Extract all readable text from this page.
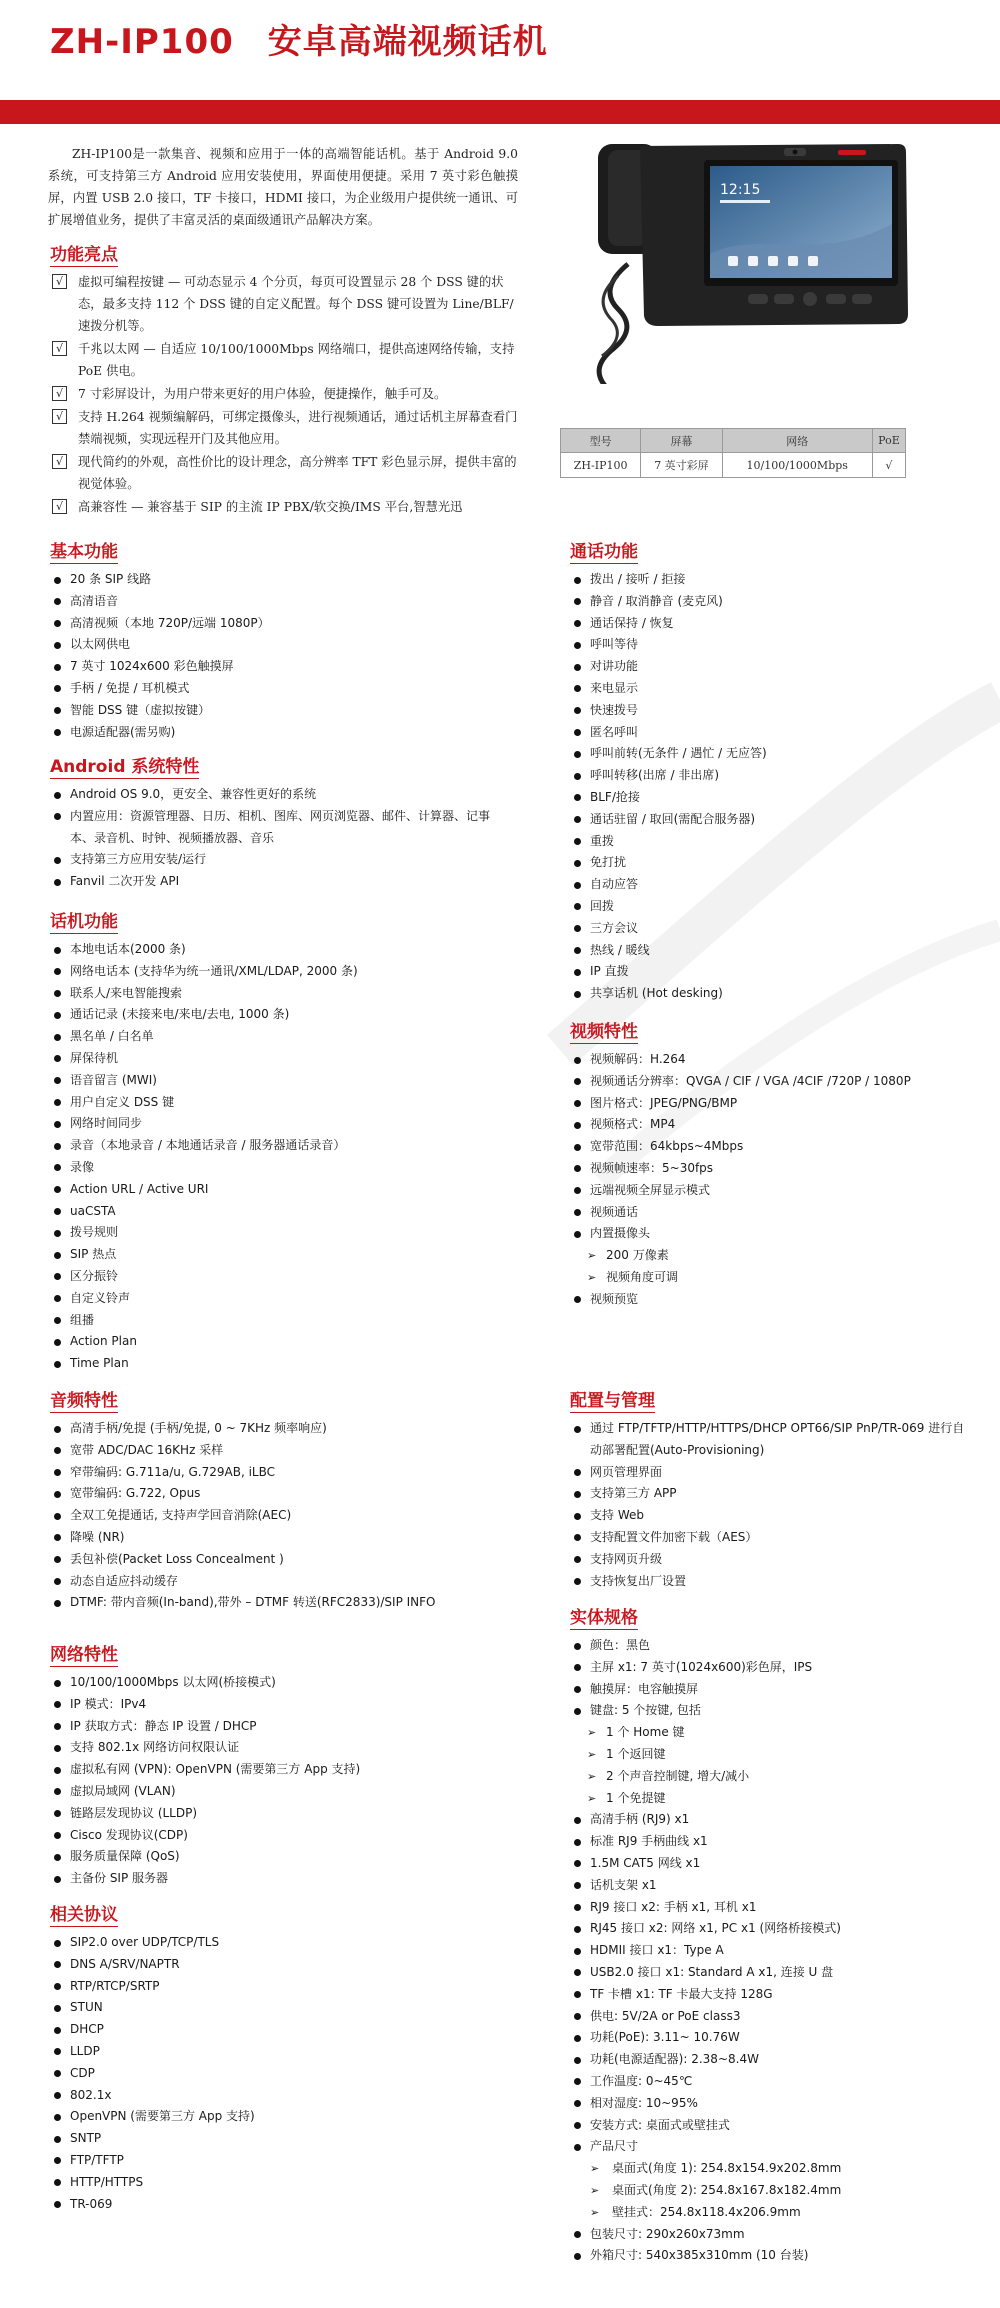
ZH-IP100 安卓高端视频话机

ZH-IP100是一款集音、视频和应用于一体的高端智能话机。基于 Android 9.0 系统，可支持第三方 Android 应用安装使用，界面使用便捷。采用 7 英寸彩色触摸屏，内置 USB 2.0 接口，TF 卡接口，HDMI 接口，为企业级用户提供统一通讯、可扩展增值业务，提供了丰富灵活的桌面级通讯产品解决方案。

功能亮点
√	虚拟可编程按键 — 可动态显示 4 个分页，每页可设置显示 28 个 DSS 键的状态，最多支持 112 个 DSS 键的自定义配置。每个 DSS 键可设置为 Line/BLF/速拨分机等。
√	千兆以太网 — 自适应 10/100/1000Mbps 网络端口，提供高速网络传输，支持 PoE 供电。
√	7 寸彩屏设计，为用户带来更好的用户体验，便捷操作，触手可及。
√	支持 H.264 视频编解码，可绑定摄像头，进行视频通话，通过话机主屏幕查看门禁端视频，实现远程开门及其他应用。
√	现代简约的外观，高性价比的设计理念，高分辨率 TFT 彩色显示屏，提供丰富的视觉体验。
√	高兼容性 — 兼容基于 SIP 的主流 IP PBX/软交换/IMS 平台,智慧光迅
12:15
型号	屏幕	网络	PoE
ZH-IP100	7 英寸彩屏	10/100/1000Mbps	√
基本功能
20 条 SIP 线路
高清语音
高清视频（本地 720P/远端 1080P）
以太网供电
7 英寸 1024x600 彩色触摸屏
手柄 / 免提 / 耳机模式
智能 DSS 键（虚拟按键）
电源适配器(需另购)
Android 系统特性
Android OS 9.0，更安全、兼容性更好的系统
内置应用：资源管理器、日历、相机、图库、网页浏览器、邮件、计算器、记事本、录音机、时钟、视频播放器、音乐
支持第三方应用安装/运行
Fanvil 二次开发 API
话机功能
本地电话本(2000 条)
网络电话本 (支持华为统一通讯/XML/LDAP, 2000 条)
联系人/来电智能搜索
通话记录 (未接来电/来电/去电, 1000 条)
黑名单 / 白名单
屏保待机
语音留言 (MWI)
用户自定义 DSS 键
网络时间同步
录音（本地录音 / 本地通话录音 / 服务器通话录音）
录像
Action URL / Active URI
uaCSTA
拨号规则
SIP 热点
区分振铃
自定义铃声
组播
Action Plan
Time Plan
音频特性
高清手柄/免提 (手柄/免提, 0 ~ 7KHz 频率响应)
宽带 ADC/DAC 16KHz 采样
窄带编码: G.711a/u, G.729AB, iLBC
宽带编码: G.722, Opus
全双工免提通话, 支持声学回音消除(AEC)
降噪 (NR)
丢包补偿(Packet Loss Concealment )
动态自适应抖动缓存
DTMF: 带内音频(In-band),带外 – DTMF 转送(RFC2833)/SIP INFO
网络特性
10/100/1000Mbps 以太网(桥接模式)
IP 模式：IPv4
IP 获取方式：静态 IP 设置 / DHCP
支持 802.1x 网络访问权限认证
虚拟私有网 (VPN): OpenVPN (需要第三方 App 支持)
虚拟局域网 (VLAN)
链路层发现协议 (LLDP)
Cisco 发现协议(CDP)
服务质量保障 (QoS)
主备份 SIP 服务器
相关协议
SIP2.0 over UDP/TCP/TLS
DNS A/SRV/NAPTR
RTP/RTCP/SRTP
STUN
DHCP
LLDP
CDP
802.1x
OpenVPN (需要第三方 App 支持)
SNTP
FTP/TFTP
HTTP/HTTPS
TR-069
通话功能
拨出 / 接听 / 拒接
静音 / 取消静音 (麦克风)
通话保持 / 恢复
呼叫等待
对讲功能
来电显示
快速拨号
匿名呼叫
呼叫前转(无条件 / 遇忙 / 无应答)
呼叫转移(出席 / 非出席)
BLF/抢接
通话驻留 / 取回(需配合服务器)
重拨
免打扰
自动应答
回拨
三方会议
热线 / 暖线
IP 直拨
共享话机 (Hot desking)
视频特性
视频解码：H.264
视频通话分辨率：QVGA / CIF / VGA /4CIF /720P / 1080P
图片格式：JPEG/PNG/BMP
视频格式：MP4
宽带范围：64kbps~4Mbps
视频帧速率：5~30fps
远端视频全屏显示模式
视频通话
内置摄像头
➢ 200 万像素
➢ 视频角度可调
视频预览
配置与管理
通过 FTP/TFTP/HTTP/HTTPS/DHCP OPT66/SIP PnP/TR-069 进行自动部署配置(Auto-Provisioning)
网页管理界面
支持第三方 APP
支持 Web
支持配置文件加密下载（AES）
支持网页升级
支持恢复出厂设置
实体规格
颜色：黑色
主屏 x1: 7 英寸(1024x600)彩色屏，IPS
触摸屏：电容触摸屏
键盘: 5 个按键, 包括
➢ 1 个 Home 键
➢ 1 个返回键
➢ 2 个声音控制键, 增大/减小
➢ 1 个免提键
高清手柄 (RJ9) x1
标准 RJ9 手柄曲线 x1
1.5M CAT5 网线 x1
话机支架 x1
RJ9 接口 x2: 手柄 x1, 耳机 x1
RJ45 接口 x2: 网络 x1, PC x1 (网络桥接模式)
HDMII 接口 x1：Type A
USB2.0 接口 x1: Standard A x1, 连接 U 盘
TF 卡槽 x1: TF 卡最大支持 128G
供电: 5V/2A or PoE class3
功耗(PoE): 3.11~ 10.76W
功耗(电源适配器): 2.38~8.4W
工作温度: 0~45℃
相对湿度: 10~95%
安装方式: 桌面式或壁挂式
产品尺寸
➢ 桌面式(角度 1): 254.8x154.9x202.8mm
➢ 桌面式(角度 2): 254.8x167.8x182.4mm
➢ 壁挂式：254.8x118.4x206.9mm
包装尺寸: 290x260x73mm
外箱尺寸: 540x385x310mm (10 台装)
